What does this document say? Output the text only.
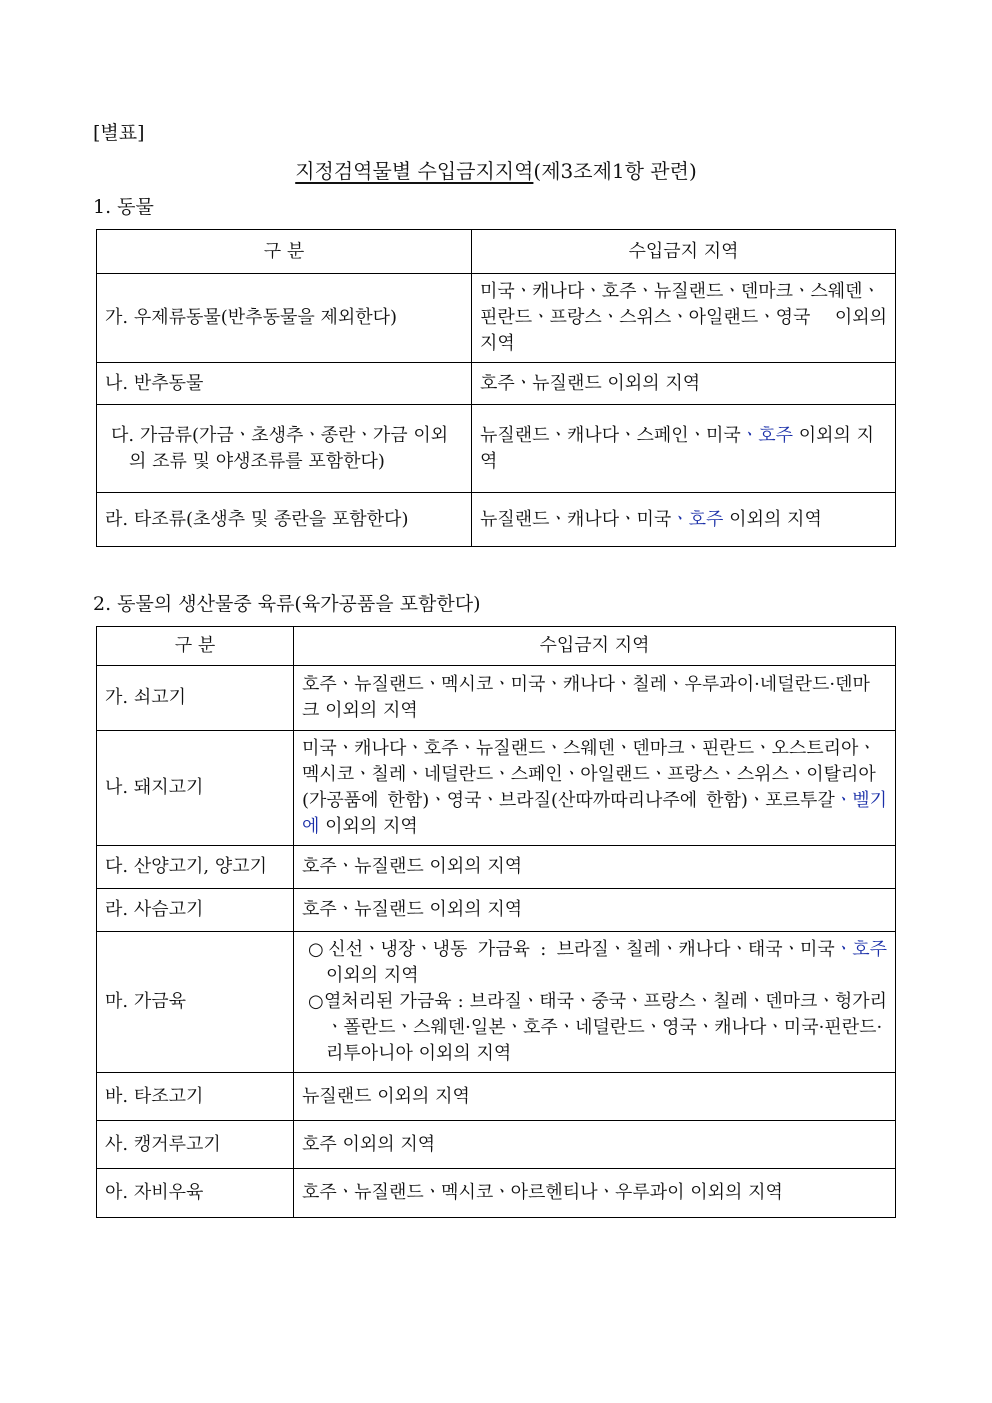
[별표]
지정검역물별 수입금지지역(제3조제1항 관련)
1. 동물
구 분	수입금지 지역
가. 우제류동물(반추동물을 제외한다)	미국ㆍ캐나다ㆍ호주ㆍ뉴질랜드ㆍ덴마크ㆍ스웨덴ㆍ핀란드ㆍ프랑스ㆍ스위스ㆍ아일랜드ㆍ영국 이외의 지역
나. 반추동물	호주ㆍ뉴질랜드 이외의 지역

다. 가금류(가금ㆍ초생추ㆍ종란ㆍ가금 이외의 조류 및 야생조류를 포함한다)	뉴질랜드ㆍ캐나다ㆍ스페인ㆍ미국ㆍ호주 이외의 지역
라. 타조류(초생추 및 종란을 포함한다)	뉴질랜드ㆍ캐나다ㆍ미국ㆍ호주 이외의 지역
2. 동물의 생산물중 육류(육가공품을 포함한다)
구 분	수입금지 지역
가. 쇠고기	호주ㆍ뉴질랜드ㆍ멕시코ㆍ미국ㆍ캐나다ㆍ칠레ㆍ우루과이·네덜란드·덴마크 이외의 지역
나. 돼지고기	미국ㆍ캐나다ㆍ호주ㆍ뉴질랜드ㆍ스웨덴ㆍ덴마크ㆍ핀란드ㆍ오스트리아ㆍ멕시코ㆍ칠레ㆍ네덜란드ㆍ스페인ㆍ아일랜드ㆍ프랑스ㆍ스위스ㆍ이탈리아(가공품에 한함)ㆍ영국ㆍ브라질(산따까따리나주에 한함)ㆍ포르투갈ㆍ벨기에 이외의 지역
다. 산양고기, 양고기	호주ㆍ뉴질랜드 이외의 지역
라. 사슴고기	호주ㆍ뉴질랜드 이외의 지역
마. 가금육	○신선ㆍ냉장ㆍ냉동 가금육 : 브라질ㆍ칠레ㆍ캐나다ㆍ태국ㆍ미국ㆍ호주 이외의 지역
○열처리된 가금육 : 브라질ㆍ태국ㆍ중국ㆍ프랑스ㆍ칠레ㆍ덴마크ㆍ헝가리ㆍ폴란드ㆍ스웨덴·일본ㆍ호주ㆍ네덜란드ㆍ영국ㆍ캐나다ㆍ미국·핀란드·리투아니아 이외의 지역

바. 타조고기	뉴질랜드 이외의 지역
사. 캥거루고기	호주 이외의 지역
아. 자비우육	호주ㆍ뉴질랜드ㆍ멕시코ㆍ아르헨티나ㆍ우루과이 이외의 지역
